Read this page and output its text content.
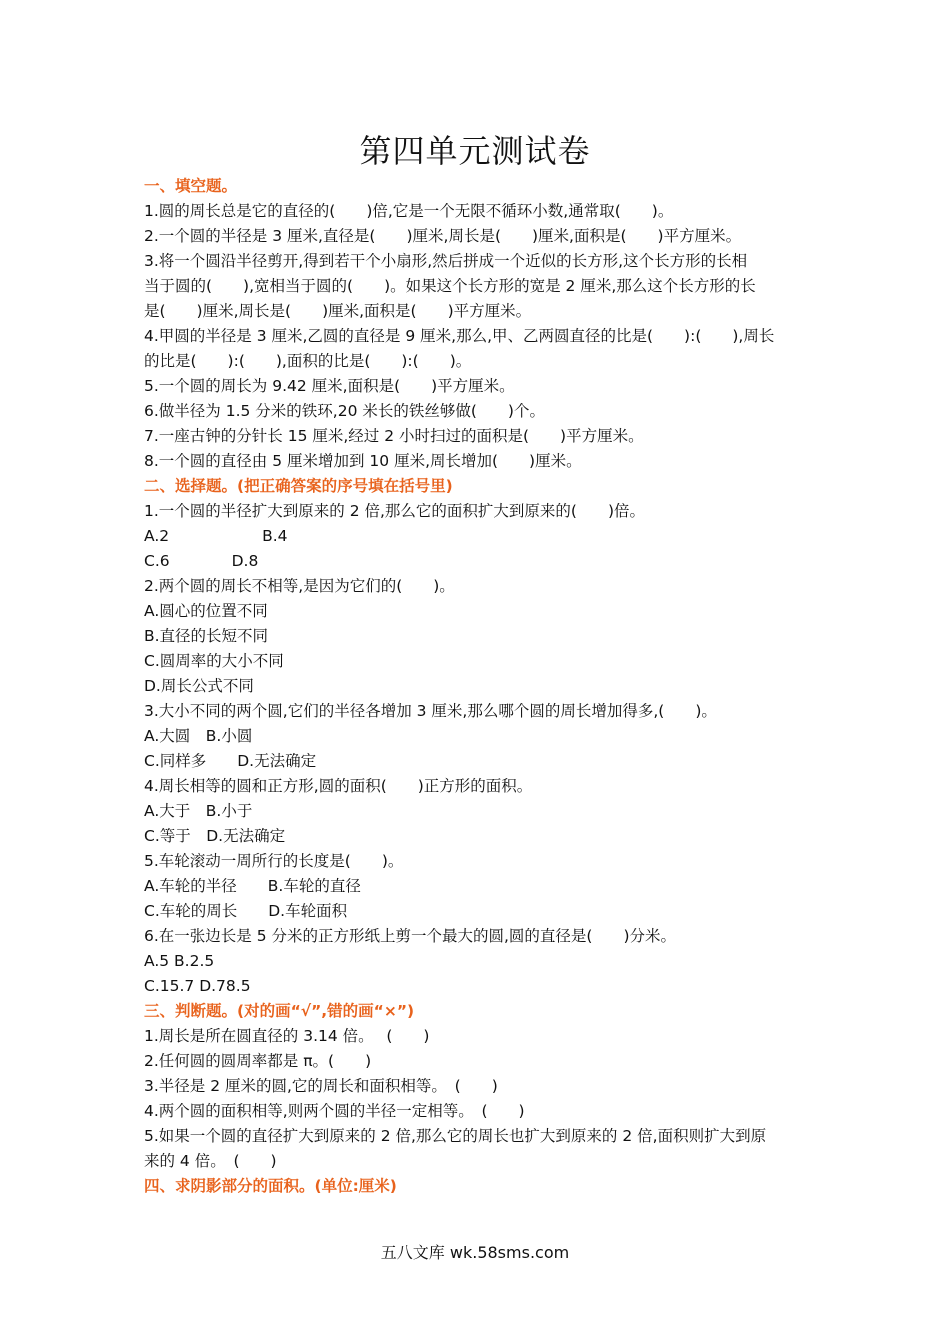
第四单元测试卷
一、填空题。
1.圆的周长总是它的直径的(　　)倍,它是一个无限不循环小数,通常取(　　)。
2.一个圆的半径是 3 厘米,直径是(　　)厘米,周长是(　　)厘米,面积是(　　)平方厘米。
3.将一个圆沿半径剪开,得到若干个小扇形,然后拼成一个近似的长方形,这个长方形的长相
当于圆的(　　),宽相当于圆的(　　)。如果这个长方形的宽是 2 厘米,那么这个长方形的长
是(　　)厘米,周长是(　　)厘米,面积是(　　)平方厘米。
4.甲圆的半径是 3 厘米,乙圆的直径是 9 厘米,那么,甲、乙两圆直径的比是(　　):(　　),周长
的比是(　　):(　　),面积的比是(　　):(　　)。
5.一个圆的周长为 9.42 厘米,面积是(　　)平方厘米。
6.做半径为 1.5 分米的铁环,20 米长的铁丝够做(　　)个。
7.一座古钟的分针长 15 厘米,经过 2 小时扫过的面积是(　　)平方厘米。
8.一个圆的直径由 5 厘米增加到 10 厘米,周长增加(　　)厘米。
二、选择题。(把正确答案的序号填在括号里)
1.一个圆的半径扩大到原来的 2 倍,那么它的面积扩大到原来的(　　)倍。
A.2　　　　　　B.4
C.6　　　　D.8
2.两个圆的周长不相等,是因为它们的(　　)。
A.圆心的位置不同
B.直径的长短不同
C.圆周率的大小不同
D.周长公式不同
3.大小不同的两个圆,它们的半径各增加 3 厘米,那么哪个圆的周长增加得多,(　　)。
A.大圆　B.小圆
C.同样多　　D.无法确定
4.周长相等的圆和正方形,圆的面积(　　)正方形的面积。
A.大于　B.小于
C.等于　D.无法确定
5.车轮滚动一周所行的长度是(　　)。
A.车轮的半径　　B.车轮的直径
C.车轮的周长　　D.车轮面积
6.在一张边长是 5 分米的正方形纸上剪一个最大的圆,圆的直径是(　　)分米。
A.5 B.2.5
C.15.7 D.78.5
三、判断题。(对的画“√”,错的画“×”)
1.周长是所在圆直径的 3.14 倍。　 (　　)
2.任何圆的圆周率都是 π。(　　)
3.半径是 2 厘米的圆,它的周长和面积相等。　(　　)
4.两个圆的面积相等,则两个圆的半径一定相等。　(　　)
5.如果一个圆的直径扩大到原来的 2 倍,那么它的周长也扩大到原来的 2 倍,面积则扩大到原
来的 4 倍。　(　　)
四、求阴影部分的面积。(单位:厘米)
五八文库 wk.58sms.com
